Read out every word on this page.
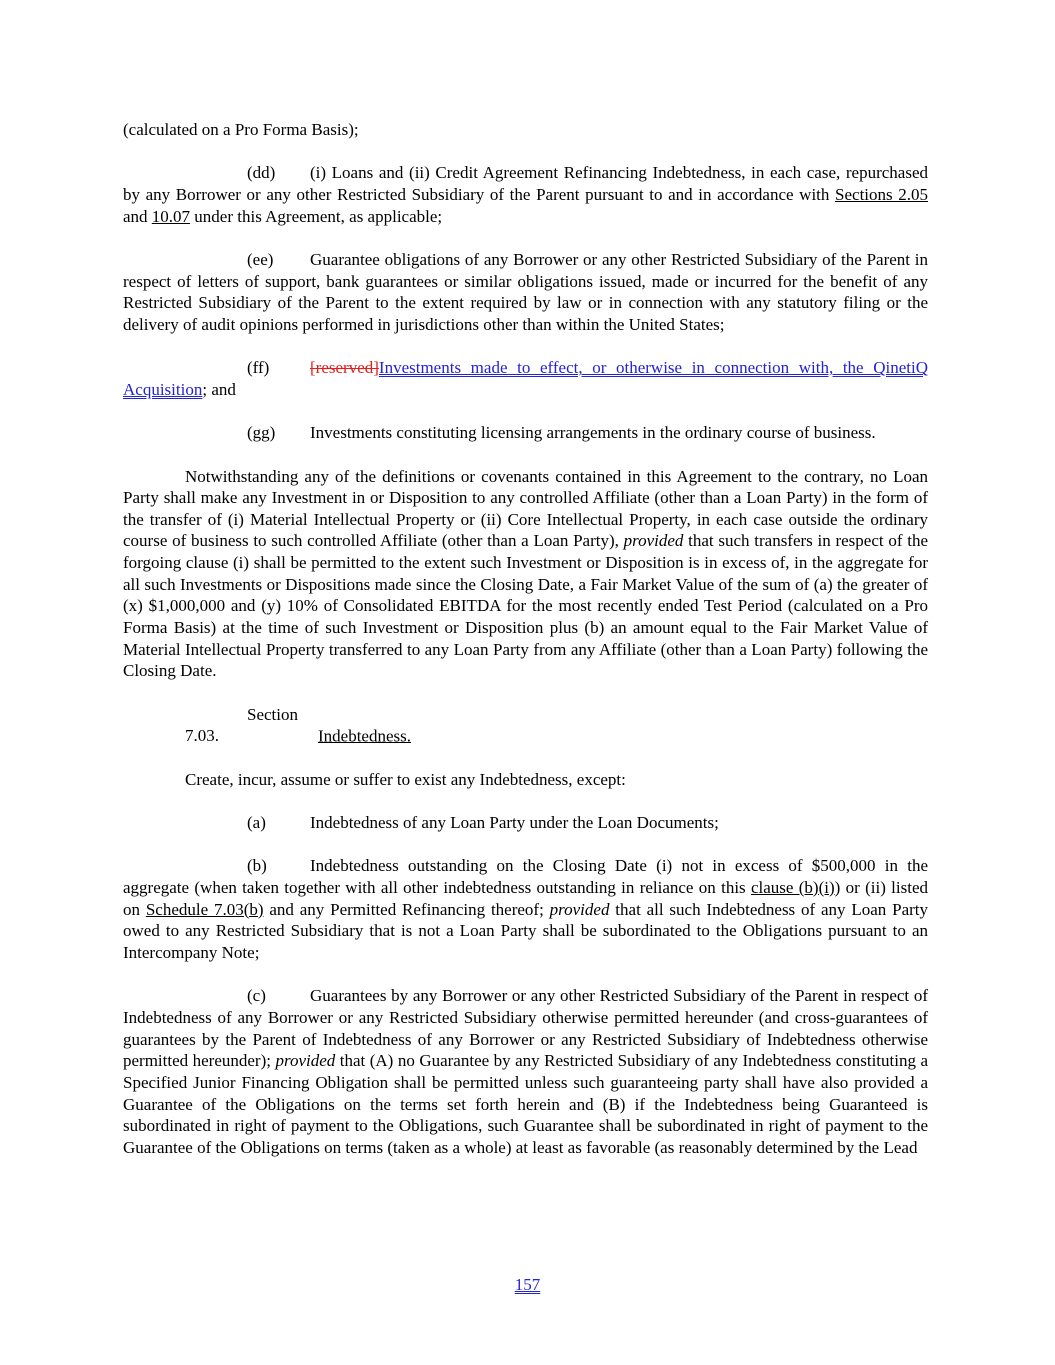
(calculated on a Pro Forma Basis);

(dd) (i) Loans and (ii) Credit Agreement Refinancing Indebtedness, in each case, repurchased by any Borrower or any other Restricted Subsidiary of the Parent pursuant to and in accordance with Sections 2.05 and 10.07 under this Agreement, as applicable;

(ee) Guarantee obligations of any Borrower or any other Restricted Subsidiary of the Parent in respect of letters of support, bank guarantees or similar obligations issued, made or incurred for the benefit of any Restricted Subsidiary of the Parent to the extent required by law or in connection with any statutory filing or the delivery of audit opinions performed in jurisdictions other than within the United States;

(ff) [reserved]Investments made to effect, or otherwise in connection with, the QinetiQ Acquisition; and

(gg) Investments constituting licensing arrangements in the ordinary course of business.

Notwithstanding any of the definitions or covenants contained in this Agreement to the contrary, no Loan Party shall make any Investment in or Disposition to any controlled Affiliate (other than a Loan Party) in the form of the transfer of (i) Material Intellectual Property or (ii) Core Intellectual Property, in each case outside the ordinary course of business to such controlled Affiliate (other than a Loan Party), provided that such transfers in respect of the forgoing clause (i) shall be permitted to the extent such Investment or Disposition is in excess of, in the aggregate for all such Investments or Dispositions made since the Closing Date, a Fair Market Value of the sum of (a) the greater of (x) $1,000,000 and (y) 10% of Consolidated EBITDA for the most recently ended Test Period (calculated on a Pro Forma Basis) at the time of such Investment or Disposition plus (b) an amount equal to the Fair Market Value of Material Intellectual Property transferred to any Loan Party from any Affiliate (other than a Loan Party) following the Closing Date.

Section 7.03.	Indebtedness.

Create, incur, assume or suffer to exist any Indebtedness, except:

(a)	Indebtedness of any Loan Party under the Loan Documents;

(b)	Indebtedness outstanding on the Closing Date (i) not in excess of $500,000 in the aggregate (when taken together with all other indebtedness outstanding in reliance on this clause (b)(i)) or (ii) listed on Schedule 7.03(b) and any Permitted Refinancing thereof; provided that all such Indebtedness of any Loan Party owed to any Restricted Subsidiary that is not a Loan Party shall be subordinated to the Obligations pursuant to an Intercompany Note;

(c)	Guarantees by any Borrower or any other Restricted Subsidiary of the Parent in respect of Indebtedness of any Borrower or any Restricted Subsidiary otherwise permitted hereunder (and cross-guarantees of guarantees by the Parent of Indebtedness of any Borrower or any Restricted Subsidiary of Indebtedness otherwise permitted hereunder); provided that (A) no Guarantee by any Restricted Subsidiary of any Indebtedness constituting a Specified Junior Financing Obligation shall be permitted unless such guaranteeing party shall have also provided a Guarantee of the Obligations on the terms set forth herein and (B) if the Indebtedness being Guaranteed is subordinated in right of payment to the Obligations, such Guarantee shall be subordinated in right of payment to the Guarantee of the Obligations on terms (taken as a whole) at least as favorable (as reasonably determined by the Lead

157
